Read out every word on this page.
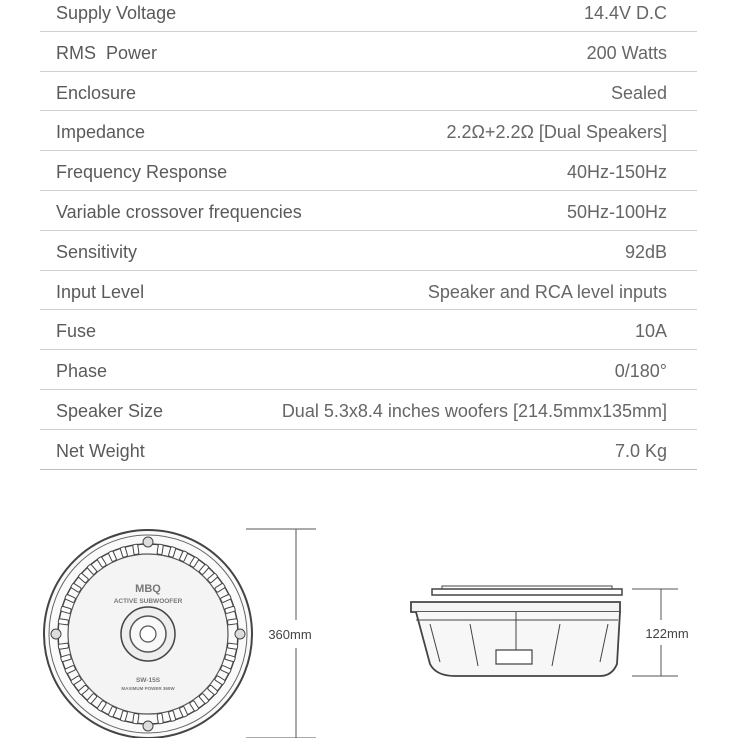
Supply Voltage	14.4V D.C
RMS  Power	200 Watts
Enclosure	Sealed
Impedance	2.2Ω+2.2Ω [Dual Speakers]
Frequency Response	40Hz-150Hz
Variable crossover frequencies	50Hz-100Hz
Sensitivity	92dB
Input Level	Speaker and RCA level inputs
Fuse	10A
Phase	0/180°
Speaker Size	Dual 5.3x8.4 inches woofers [214.5mmx135mm]
Net Weight	7.0 Kg
MBQ
ACTIVE SUBWOOFER
SW-15S
MAXIMUM POWER 360W
360mm	122mm
